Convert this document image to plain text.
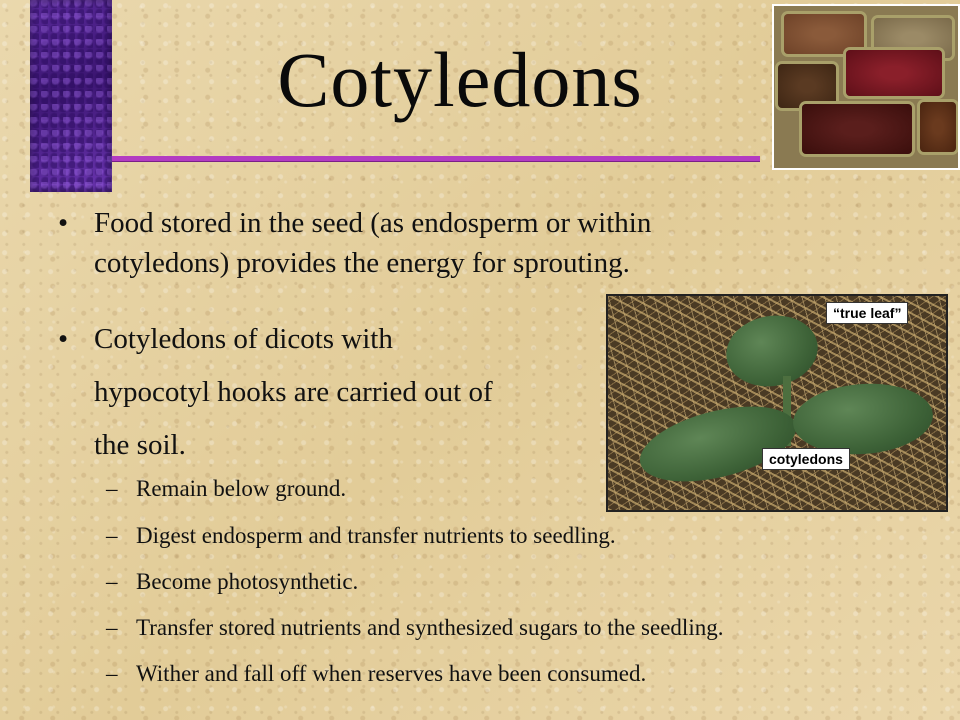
Cotyledons
“true leaf”
cotyledons
• Food stored in the seed (as endosperm or within
cotyledons) provides the energy for sprouting.
• Cotyledons of dicots with
hypocotyl hooks are carried out of
the soil.
– Remain below ground.
– Digest endosperm and transfer nutrients to seedling.
– Become photosynthetic.
– Transfer stored nutrients and synthesized sugars to the seedling.
– Wither and fall off when reserves have been consumed.
